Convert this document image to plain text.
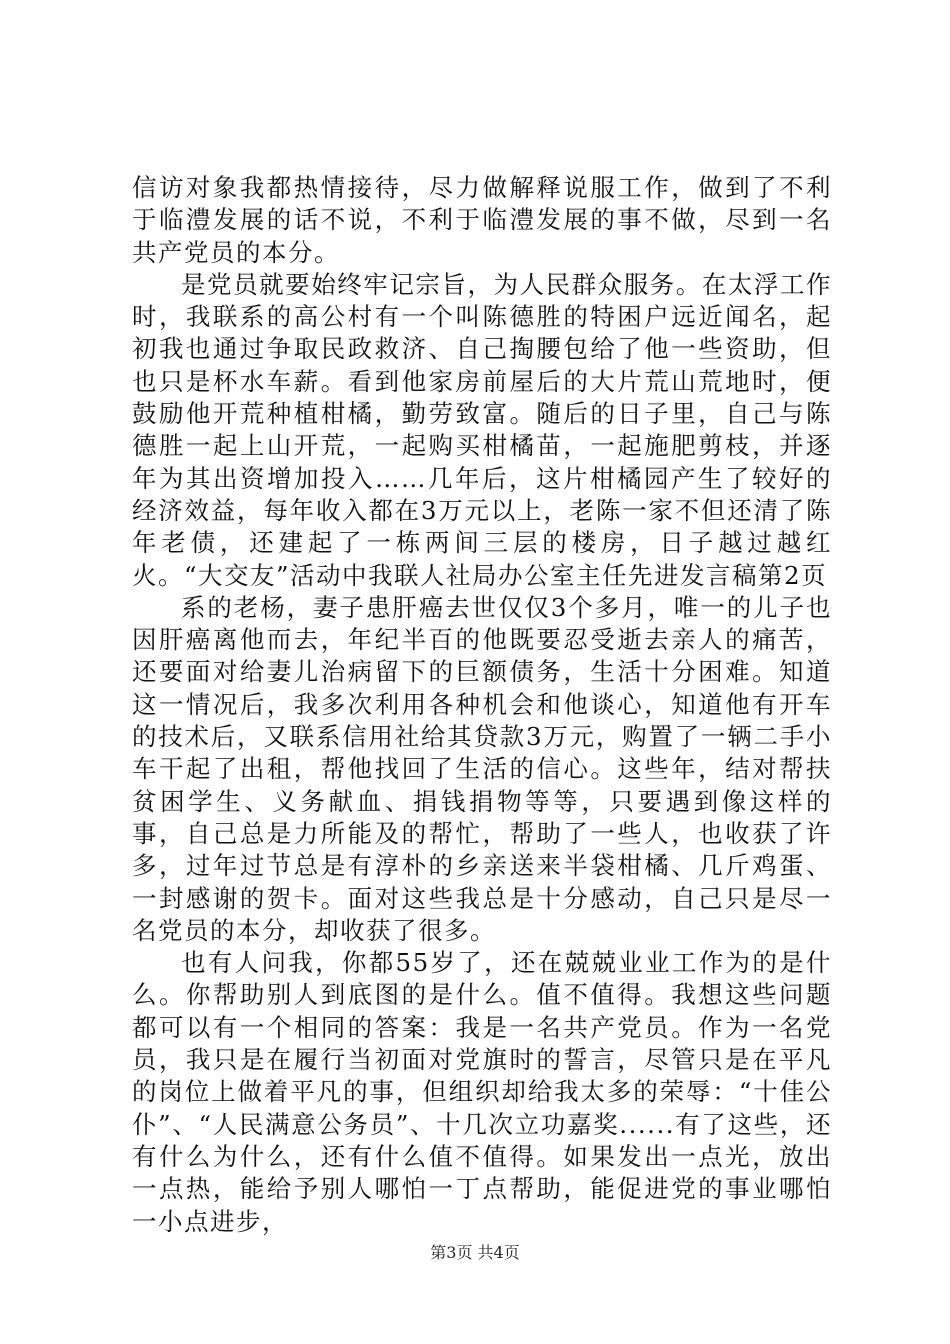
信访对象我都热情接待，尽力做解释说服工作，做到了不利于临澧发展的话不说，不利于临澧发展的事不做，尽到一名共产党员的本分。

是党员就要始终牢记宗旨，为人民群众服务。在太浮工作时，我联系的高公村有一个叫陈德胜的特困户远近闻名，起初我也通过争取民政救济、自己掏腰包给了他一些资助，但也只是杯水车薪。看到他家房前屋后的大片荒山荒地时，便鼓励他开荒种植柑橘，勤劳致富。随后的日子里，自己与陈德胜一起上山开荒，一起购买柑橘苗，一起施肥剪枝，并逐年为其出资增加投入……几年后，这片柑橘园产生了较好的经济效益，每年收入都在3万元以上，老陈一家不但还清了陈年老债，还建起了一栋两间三层的楼房，日子越过越红火。“大交友”活动中我联人社局办公室主任先进发言稿第2页

系的老杨，妻子患肝癌去世仅仅3个多月，唯一的儿子也因肝癌离他而去，年纪半百的他既要忍受逝去亲人的痛苦，还要面对给妻儿治病留下的巨额债务，生活十分困难。知道这一情况后，我多次利用各种机会和他谈心，知道他有开车的技术后，又联系信用社给其贷款3万元，购置了一辆二手小车干起了出租，帮他找回了生活的信心。这些年，结对帮扶贫困学生、义务献血、捐钱捐物等等，只要遇到像这样的事，自己总是力所能及的帮忙，帮助了一些人，也收获了许多，过年过节总是有淳朴的乡亲送来半袋柑橘、几斤鸡蛋、一封感谢的贺卡。面对这些我总是十分感动，自己只是尽一名党员的本分，却收获了很多。

也有人问我，你都55岁了，还在兢兢业业工作为的是什么。你帮助别人到底图的是什么。值不值得。我想这些问题都可以有一个相同的答案：我是一名共产党员。作为一名党员，我只是在履行当初面对党旗时的誓言，尽管只是在平凡的岗位上做着平凡的事，但组织却给我太多的荣辱：“十佳公仆”、“人民满意公务员”、十几次立功嘉奖......有了这些，还有什么为什么，还有什么值不值得。如果发出一点光，放出一点热，能给予别人哪怕一丁点帮助，能促进党的事业哪怕一小点进步，

第3页 共4页
